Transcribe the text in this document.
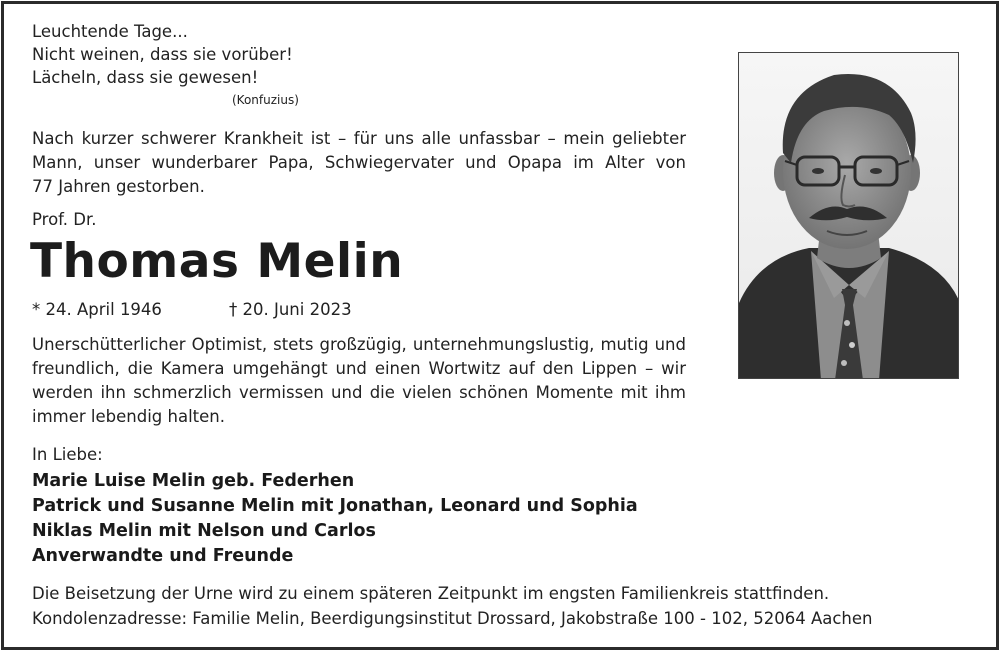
Leuchtende Tage...
Nicht weinen, dass sie vorüber!
Lächeln, dass sie gewesen!
(Konfuzius)
Nach kurzer schwerer Krankheit ist – für uns alle unfassbar – mein geliebter
Mann, unser wunderbarer Papa, Schwiegervater und Opapa im Alter von
77 Jahren gestorben.
Prof. Dr.
Thomas Melin
* 24. April 1946	† 20. Juni 2023
Unerschütterlicher Optimist, stets großzügig, unternehmungslustig, mutig und
freundlich, die Kamera umgehängt und einen Wortwitz auf den Lippen – wir
werden ihn schmerzlich vermissen und die vielen schönen Momente mit ihm
immer lebendig halten.
In Liebe:
Marie Luise Melin geb. Federhen
Patrick und Susanne Melin mit Jonathan, Leonard und Sophia
Niklas Melin mit Nelson und Carlos
Anverwandte und Freunde
Die Beisetzung der Urne wird zu einem späteren Zeitpunkt im engsten Familienkreis stattfinden.
Kondolenzadresse: Familie Melin, Beerdigungsinstitut Drossard, Jakobstraße 100 - 102, 52064 Aachen
